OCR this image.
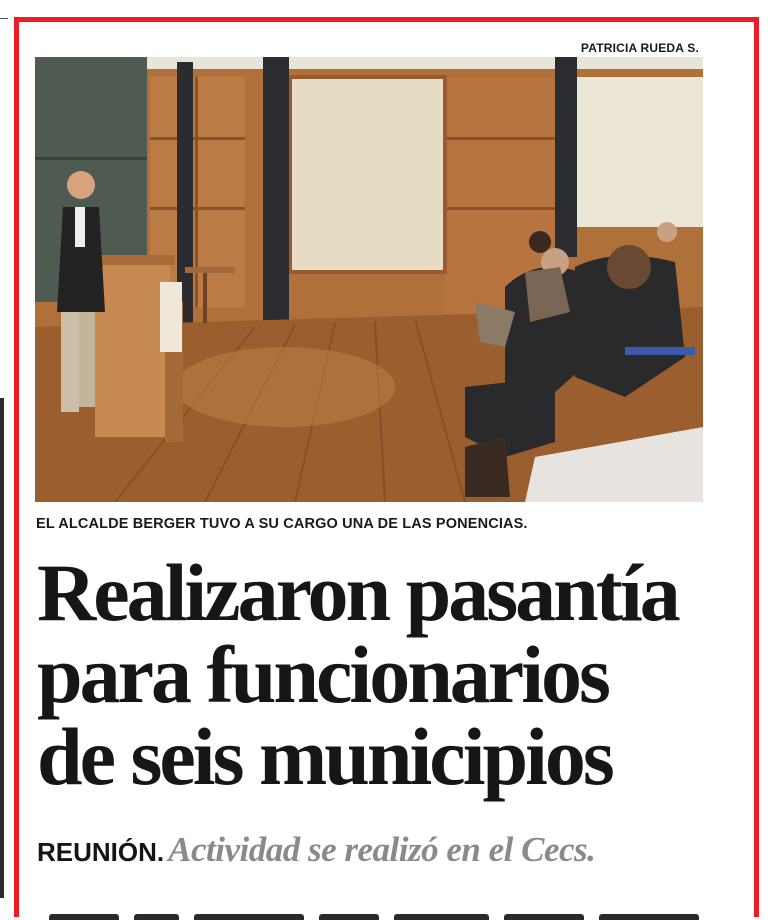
PATRICIA RUEDA S.
EL ALCALDE BERGER TUVO A SU CARGO UNA DE LAS PONENCIAS.
Realizaron pasantía
para funcionarios
de seis municipios
REUNIÓN. Actividad se realizó en el Cecs.
